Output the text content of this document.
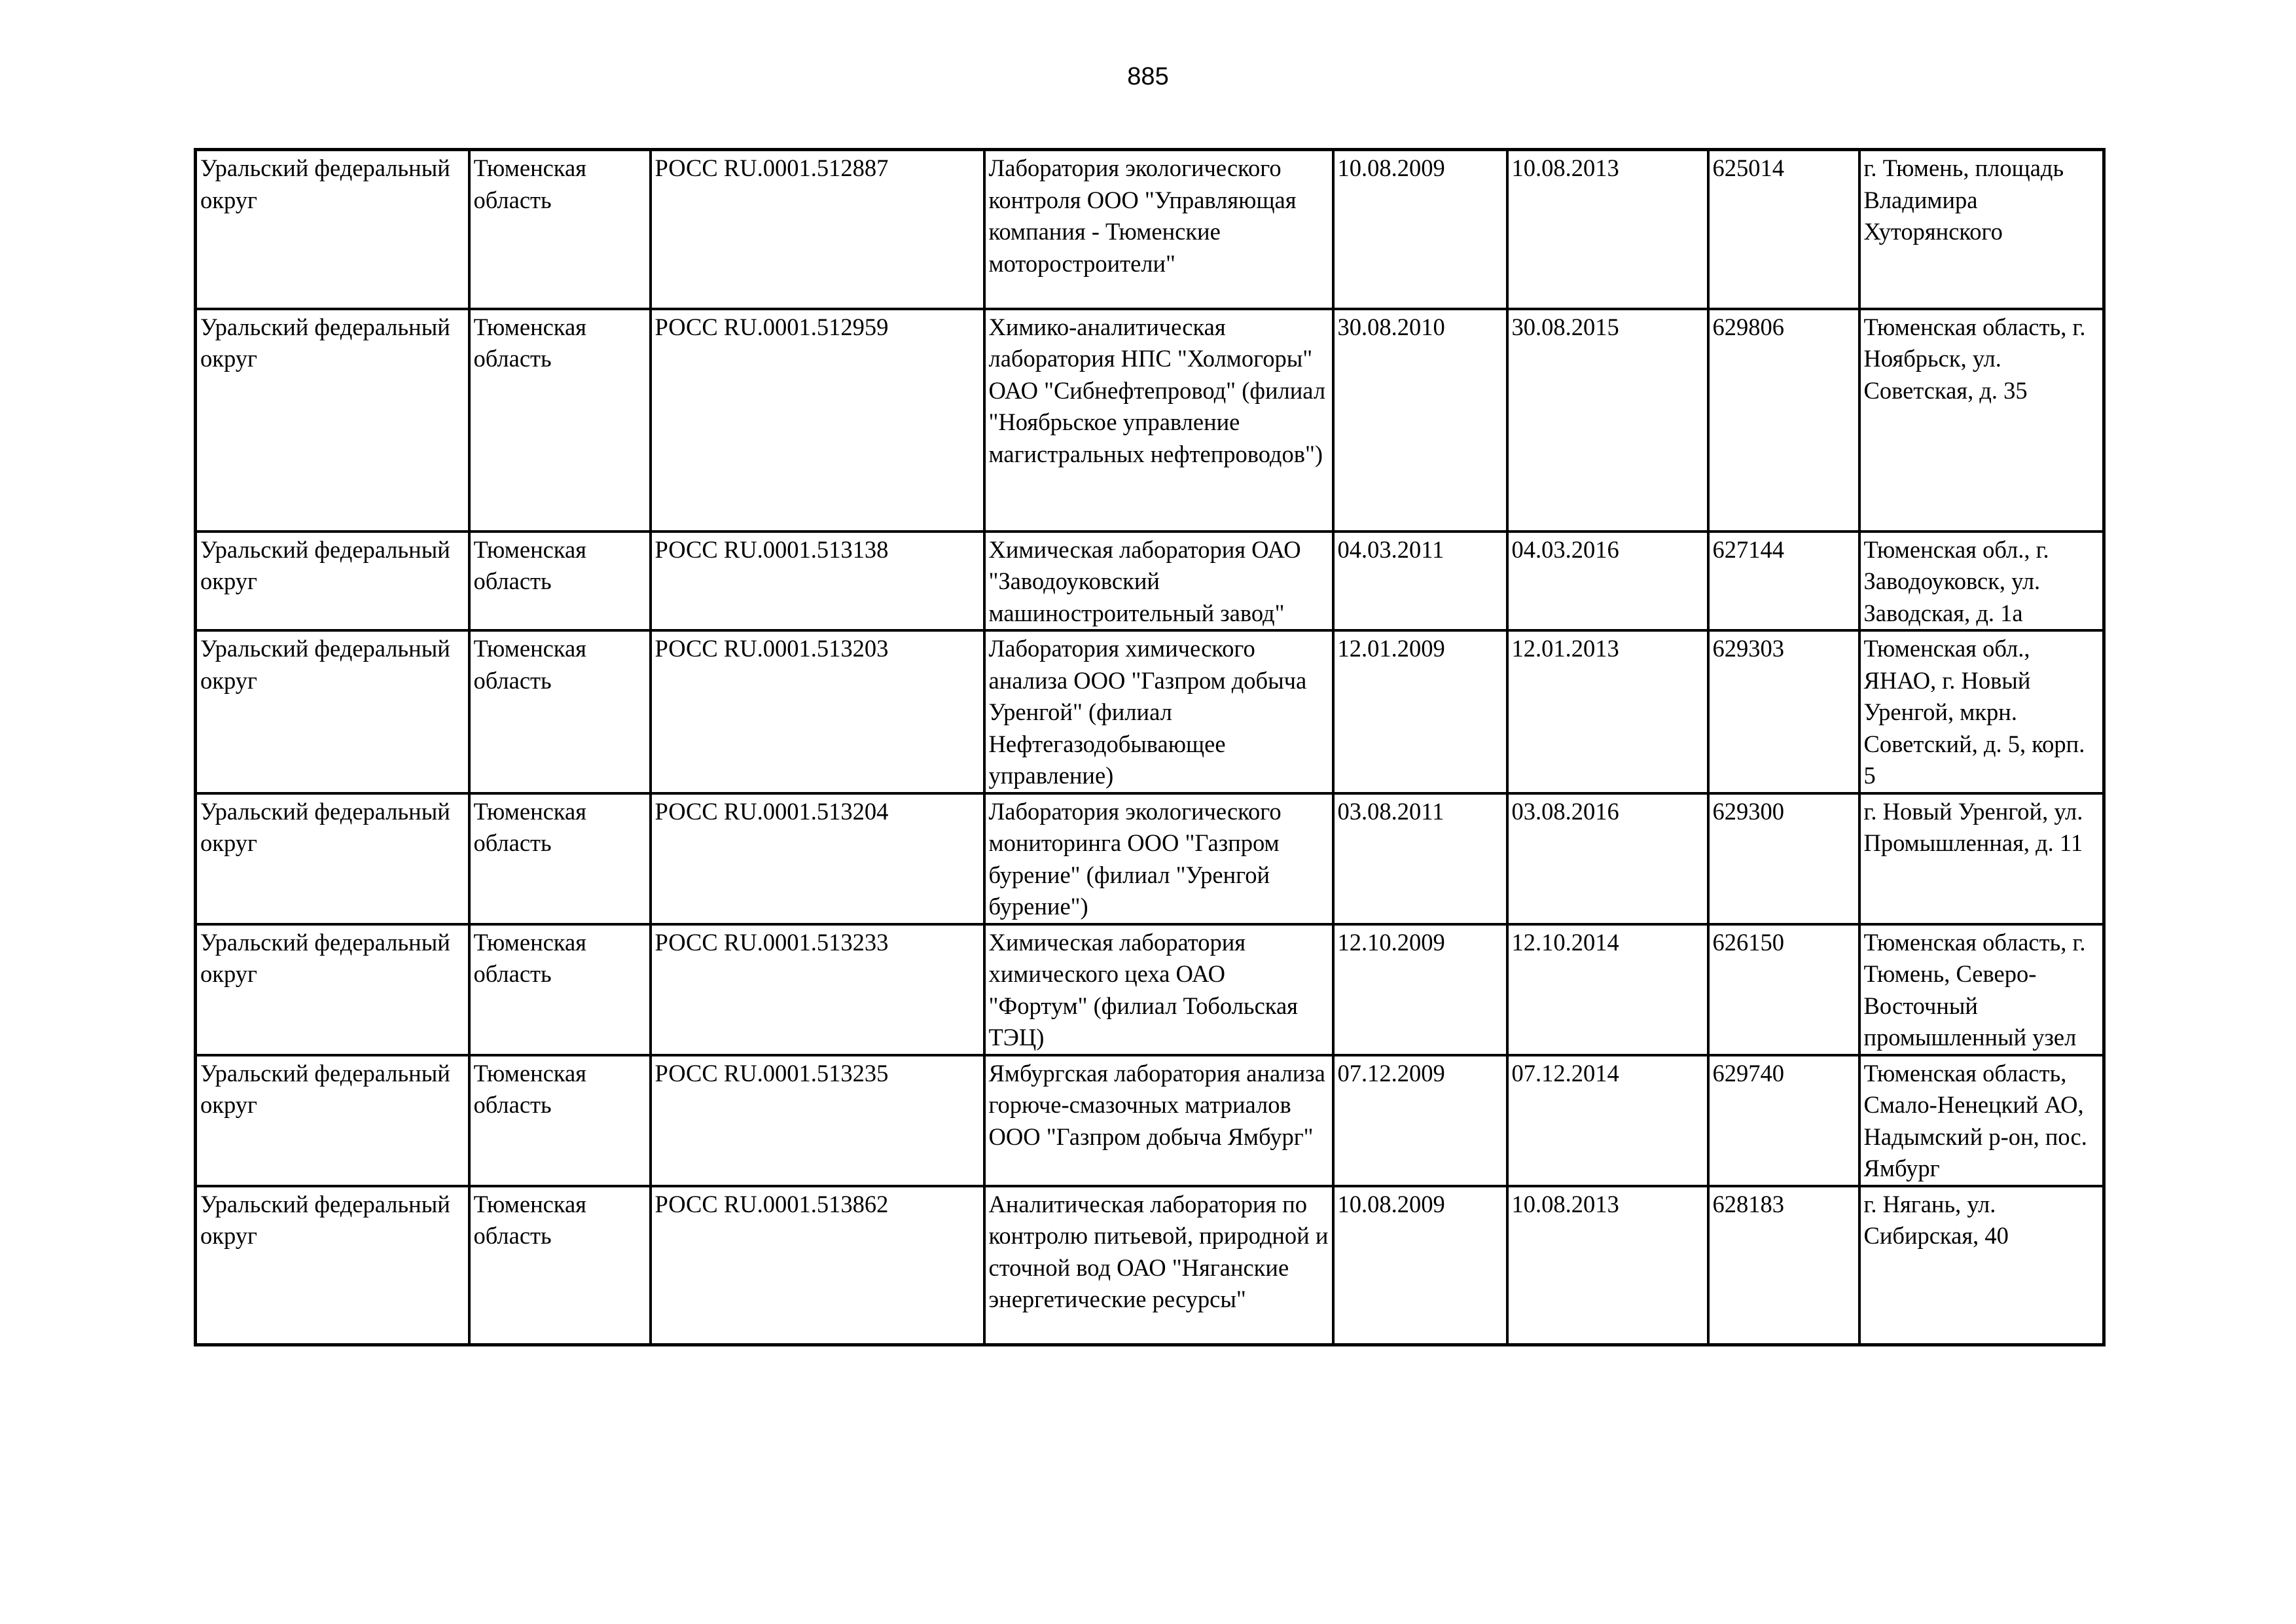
885
Уральский федеральный округ	Тюменская область	РОСС RU.0001.512887	Лаборатория экологического контроля ООО "Управляющая компания - Тюменские моторостроители"	10.08.2009	10.08.2013	625014	г. Тюмень, площадь Владимира Хуторянского

Уральский федеральный округ	Тюменская область	РОСС RU.0001.512959	Химико-аналитическая лаборатория НПС "Холмогоры" ОАО "Сибнефтепровод" (филиал "Ноябрьское управление магистральных нефтепроводов")	30.08.2010	30.08.2015	629806	Тюменская область, г. Ноябрьск, ул. Советская, д. 35

Уральский федеральный округ	Тюменская область	РОСС RU.0001.513138	Химическая лаборатория ОАО "Заводоуковский машиностроительный завод"	04.03.2011	04.03.2016	627144	Тюменская обл., г. Заводоуковск, ул. Заводская, д. 1а

Уральский федеральный округ	Тюменская область	РОСС RU.0001.513203	Лаборатория химического анализа ООО "Газпром добыча Уренгой" (филиал Нефтегазодобывающее управление)	12.01.2009	12.01.2013	629303	Тюменская обл., ЯНАО, г. Новый Уренгой, мкрн. Советский, д. 5, корп. 5

Уральский федеральный округ	Тюменская область	РОСС RU.0001.513204	Лаборатория экологического мониторинга ООО "Газпром бурение" (филиал "Уренгой бурение")	03.08.2011	03.08.2016	629300	г. Новый Уренгой, ул. Промышленная, д. 11

Уральский федеральный округ	Тюменская область	РОСС RU.0001.513233	Химическая лаборатория химического цеха ОАО "Фортум" (филиал Тобольская ТЭЦ)	12.10.2009	12.10.2014	626150	Тюменская область, г. Тюмень, Северо-Восточный промышленный узел

Уральский федеральный округ	Тюменская область	РОСС RU.0001.513235	Ямбургская лаборатория анализа горюче-смазочных матриалов ООО "Газпром добыча Ямбург"	07.12.2009	07.12.2014	629740	Тюменская область, Смало-Ненецкий АО, Надымский р-он, пос. Ямбург

Уральский федеральный округ	Тюменская область	РОСС RU.0001.513862	Аналитическая лаборатория по контролю питьевой, природной и сточной вод ОАО "Няганские энергетические ресурсы"	10.08.2009	10.08.2013	628183	г. Нягань, ул. Сибирская, 40
